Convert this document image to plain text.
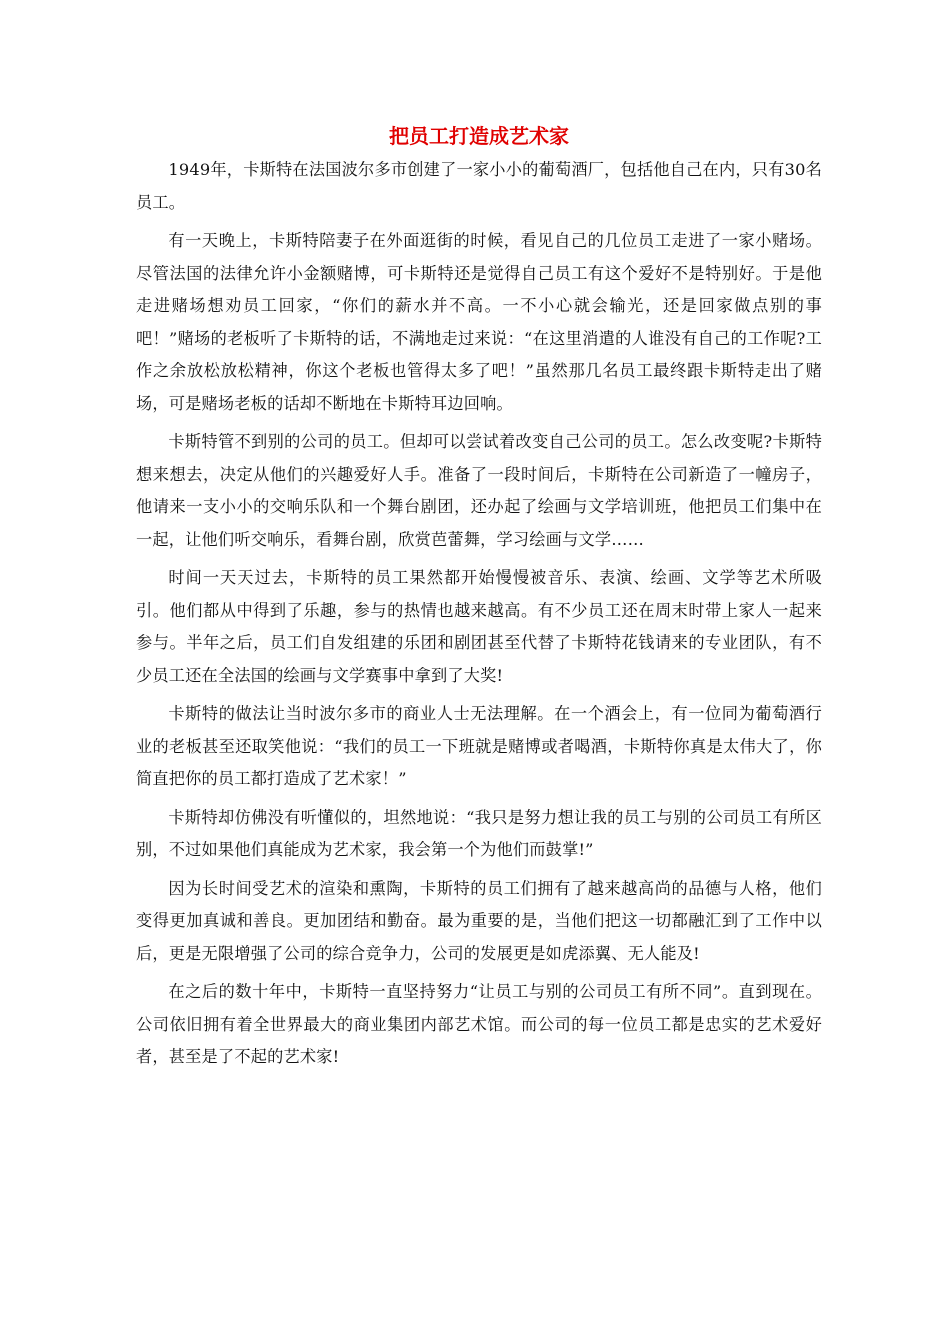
把员工打造成艺术家

1949年，卡斯特在法国波尔多市创建了一家小小的葡萄酒厂，包括他自己在内，只有30名员工。

有一天晚上，卡斯特陪妻子在外面逛街的时候，看见自己的几位员工走进了一家小赌场。尽管法国的法律允许小金额赌博，可卡斯特还是觉得自己员工有这个爱好不是特别好。于是他走进赌场想劝员工回家，“你们的薪水并不高。一不小心就会输光，还是回家做点别的事吧！”赌场的老板听了卡斯特的话，不满地走过来说：“在这里消遣的人谁没有自己的工作呢?工作之余放松放松精神，你这个老板也管得太多了吧！”虽然那几名员工最终跟卡斯特走出了赌场，可是赌场老板的话却不断地在卡斯特耳边回响。

卡斯特管不到别的公司的员工。但却可以尝试着改变自己公司的员工。怎么改变呢?卡斯特想来想去，决定从他们的兴趣爱好人手。准备了一段时间后，卡斯特在公司新造了一幢房子，他请来一支小小的交响乐队和一个舞台剧团，还办起了绘画与文学培训班，他把员工们集中在一起，让他们听交响乐，看舞台剧，欣赏芭蕾舞，学习绘画与文学……

时间一天天过去，卡斯特的员工果然都开始慢慢被音乐、表演、绘画、文学等艺术所吸引。他们都从中得到了乐趣，参与的热情也越来越高。有不少员工还在周末时带上家人一起来参与。半年之后，员工们自发组建的乐团和剧团甚至代替了卡斯特花钱请来的专业团队，有不少员工还在全法国的绘画与文学赛事中拿到了大奖!

卡斯特的做法让当时波尔多市的商业人士无法理解。在一个酒会上，有一位同为葡萄酒行业的老板甚至还取笑他说：“我们的员工一下班就是赌博或者喝酒，卡斯特你真是太伟大了，你简直把你的员工都打造成了艺术家！”

卡斯特却仿佛没有听懂似的，坦然地说：“我只是努力想让我的员工与别的公司员工有所区别，不过如果他们真能成为艺术家，我会第一个为他们而鼓掌!”

因为长时间受艺术的渲染和熏陶，卡斯特的员工们拥有了越来越高尚的品德与人格，他们变得更加真诚和善良。更加团结和勤奋。最为重要的是，当他们把这一切都融汇到了工作中以后，更是无限增强了公司的综合竞争力，公司的发展更是如虎添翼、无人能及!

在之后的数十年中，卡斯特一直坚持努力“让员工与别的公司员工有所不同”。直到现在。公司依旧拥有着全世界最大的商业集团内部艺术馆。而公司的每一位员工都是忠实的艺术爱好者，甚至是了不起的艺术家!
